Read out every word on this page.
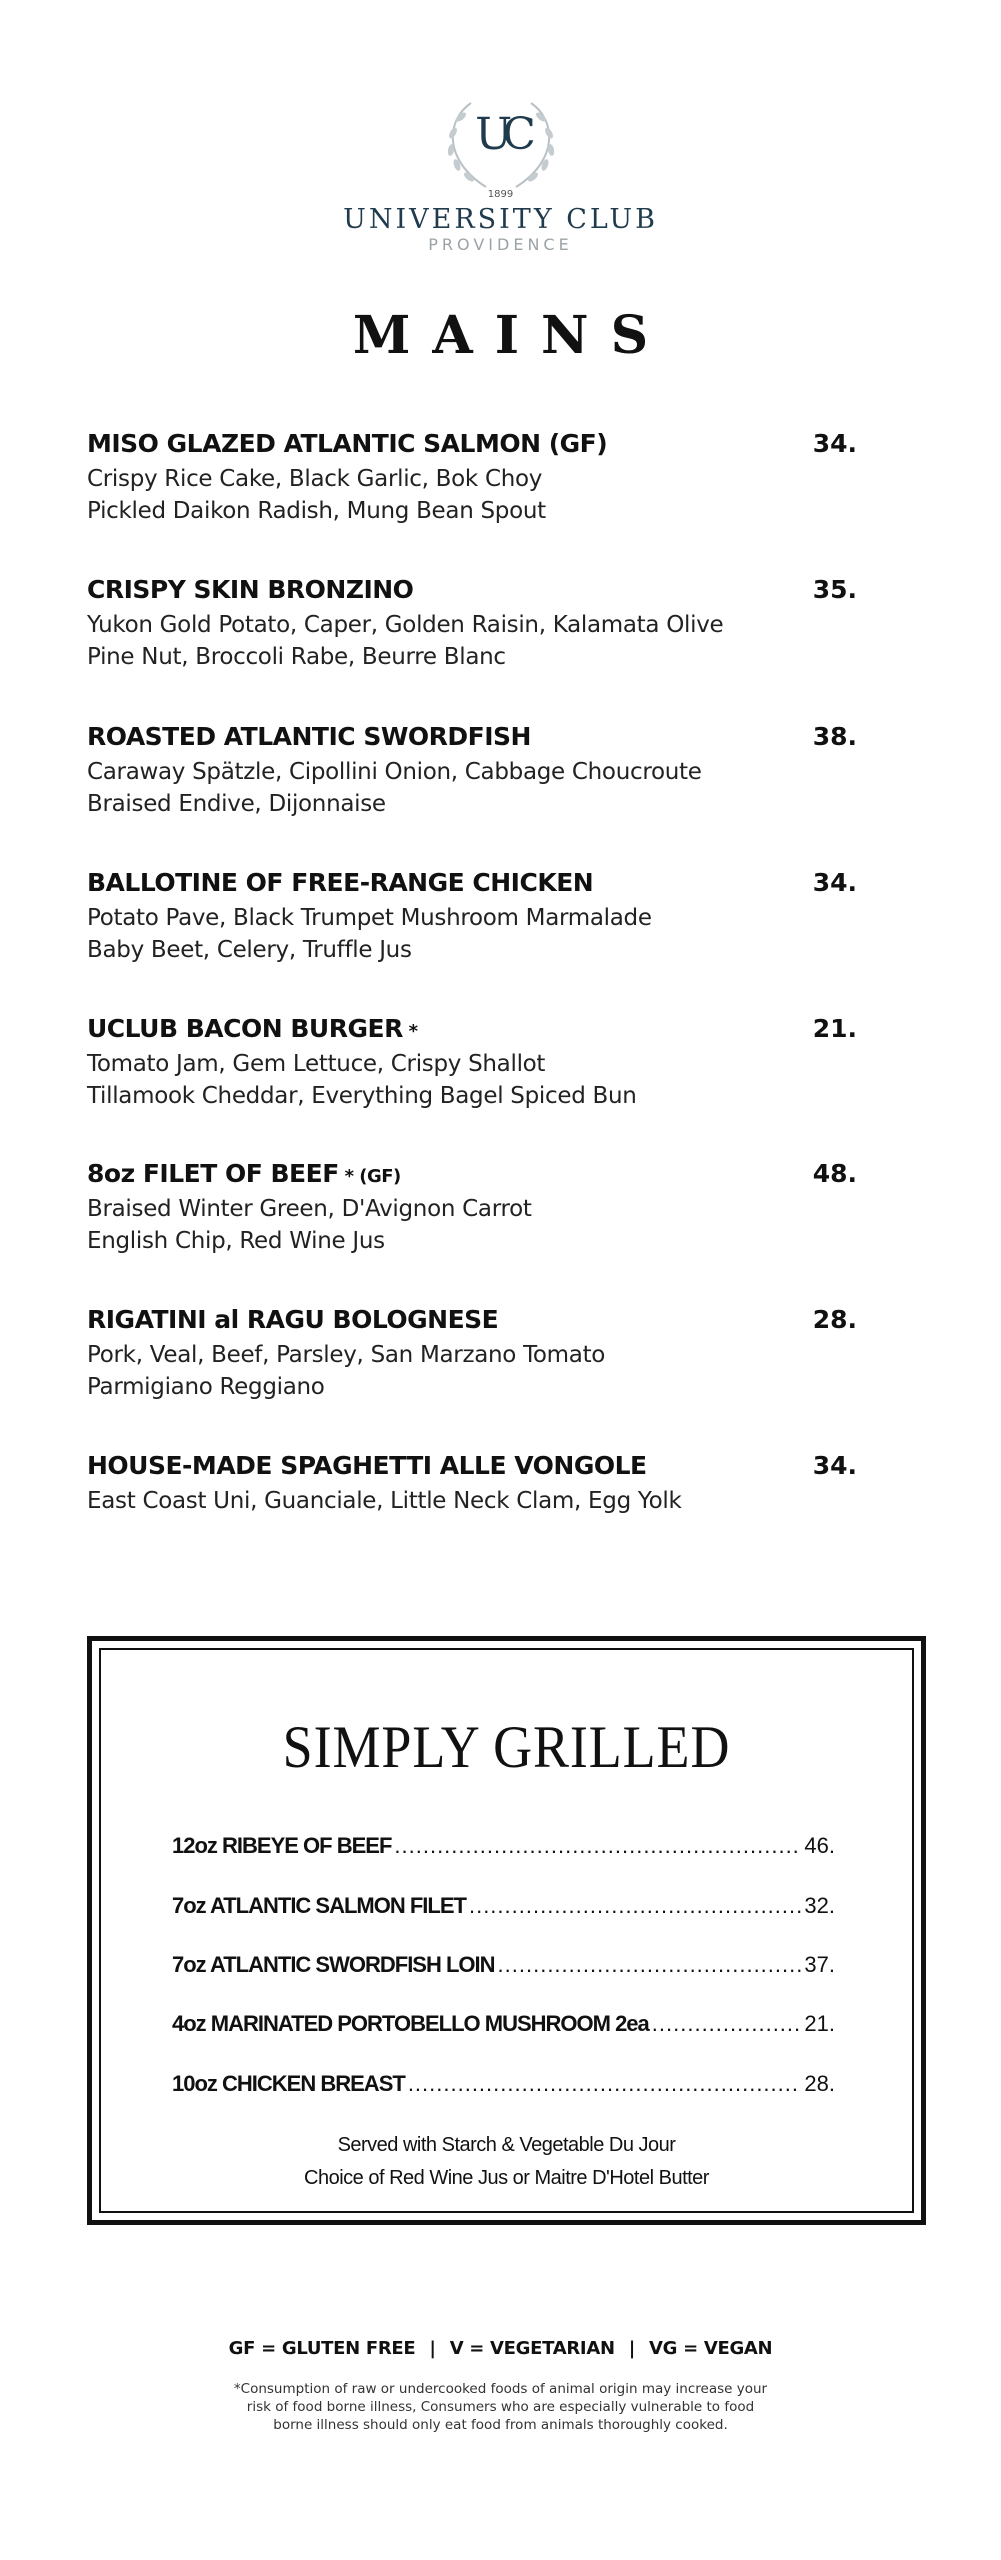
UC
1899
UNIVERSITY CLUB
PROVIDENCE
MAINS
MISO GLAZED ATLANTIC SALMON (GF)	34.
Crispy Rice Cake, Black Garlic, Bok Choy
Pickled Daikon Radish, Mung Bean Spout
CRISPY SKIN BRONZINO	35.
Yukon Gold Potato, Caper, Golden Raisin, Kalamata Olive
Pine Nut, Broccoli Rabe, Beurre Blanc
ROASTED ATLANTIC SWORDFISH	38.
Caraway Spätzle, Cipollini Onion, Cabbage Choucroute
Braised Endive, Dijonnaise
BALLOTINE OF FREE-RANGE CHICKEN	34.
Potato Pave, Black Trumpet Mushroom Marmalade
Baby Beet, Celery, Truffle Jus
UCLUB BACON BURGER *	21.
Tomato Jam, Gem Lettuce, Crispy Shallot
Tillamook Cheddar, Everything Bagel Spiced Bun
8oz FILET OF BEEF * (GF)	48.
Braised Winter Green, D'Avignon Carrot
English Chip, Red Wine Jus
RIGATINI al RAGU BOLOGNESE	28.
Pork, Veal, Beef, Parsley, San Marzano Tomato
Parmigiano Reggiano
HOUSE-MADE SPAGHETTI ALLE VONGOLE	34.
East Coast Uni, Guanciale, Little Neck Clam, Egg Yolk
SIMPLY GRILLED
12oz RIBEYE OF BEEF .....	46.
7oz ATLANTIC SALMON FILET .....	32.
7oz ATLANTIC SWORDFISH LOIN .....	37.
4oz MARINATED PORTOBELLO MUSHROOM 2ea .....	21.
10oz CHICKEN BREAST .....	28.
Served with Starch & Vegetable Du Jour
Choice of Red Wine Jus or Maitre D'Hotel Butter
GF = GLUTEN FREE | V = VEGETARIAN | VG = VEGAN
*Consumption of raw or undercooked foods of animal origin may increase your
risk of food borne illness, Consumers who are especially vulnerable to food
borne illness should only eat food from animals thoroughly cooked.
